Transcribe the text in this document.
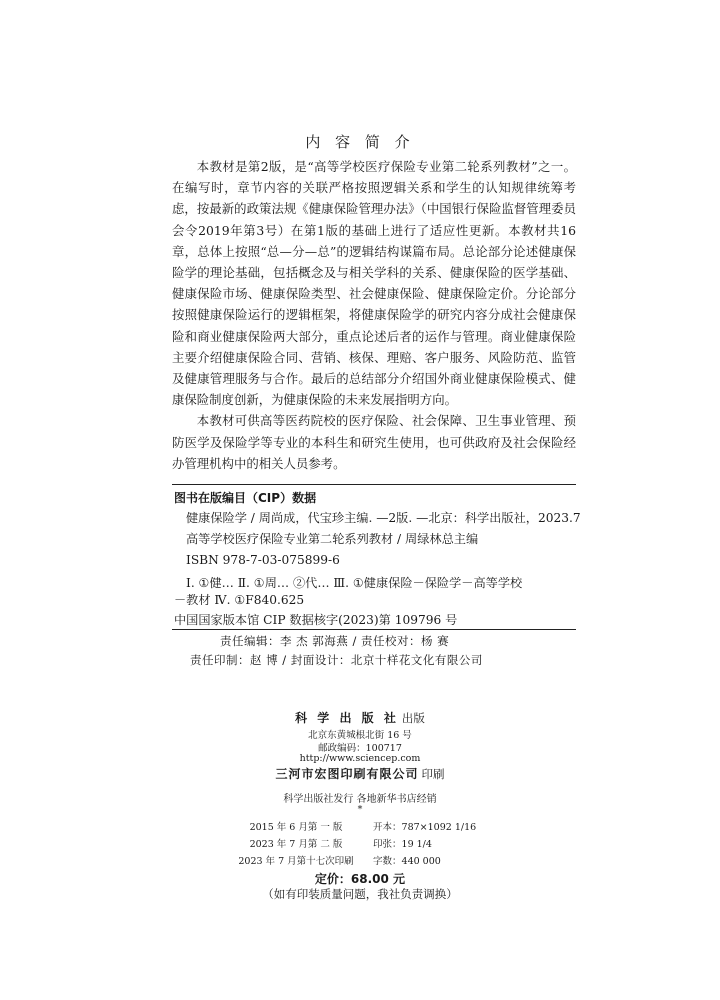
内 容 简 介

本教材是第2版，是“高等学校医疗保险专业第二轮系列教材”之一。在编写时，章节内容的关联严格按照逻辑关系和学生的认知规律统筹考虑，按最新的政策法规《健康保险管理办法》（中国银行保险监督管理委员会令2019年第3号）在第1版的基础上进行了适应性更新。本教材共16章，总体上按照“总—分—总”的逻辑结构谋篇布局。总论部分论述健康保险学的理论基础，包括概念及与相关学科的关系、健康保险的医学基础、健康保险市场、健康保险类型、社会健康保险、健康保险定价。分论部分按照健康保险运行的逻辑框架，将健康保险学的研究内容分成社会健康保险和商业健康保险两大部分，重点论述后者的运作与管理。商业健康保险主要介绍健康保险合同、营销、核保、理赔、客户服务、风险防范、监管及健康管理服务与合作。最后的总结部分介绍国外商业健康保险模式、健康保险制度创新，为健康保险的未来发展指明方向。

本教材可供高等医药院校的医疗保险、社会保障、卫生事业管理、预防医学及保险学等专业的本科生和研究生使用，也可供政府及社会保险经办管理机构中的相关人员参考。

图书在版编目（CIP）数据
健康保险学 / 周尚成，代宝珍主编. —2版. —北京：科学出版社，2023.7
高等学校医疗保险专业第二轮系列教材 / 周绿林总主编
ISBN 978-7-03-075899-6
Ⅰ. ①健… Ⅱ. ①周… ②代… Ⅲ. ①健康保险－保险学－高等学校
－教材 Ⅳ. ①F840.625
中国国家版本馆 CIP 数据核字(2023)第 109796 号
责任编辑：李 杰 郭海燕 / 责任校对：杨 赛
责任印制：赵 博 / 封面设计：北京十样花文化有限公司
科 学 出 版 社 出版
北京东黄城根北街 16 号
邮政编码：100717
http://www.sciencep.com
三河市宏图印刷有限公司 印刷
科学出版社发行 各地新华书店经销
*
2015 年 6 月第 一 版	开本：787×1092 1/16
2023 年 7 月第 二 版	印张：19 1/4
2023 年 7 月第十七次印刷 字数：440 000
定价：68.00 元
（如有印装质量问题，我社负责调换）
